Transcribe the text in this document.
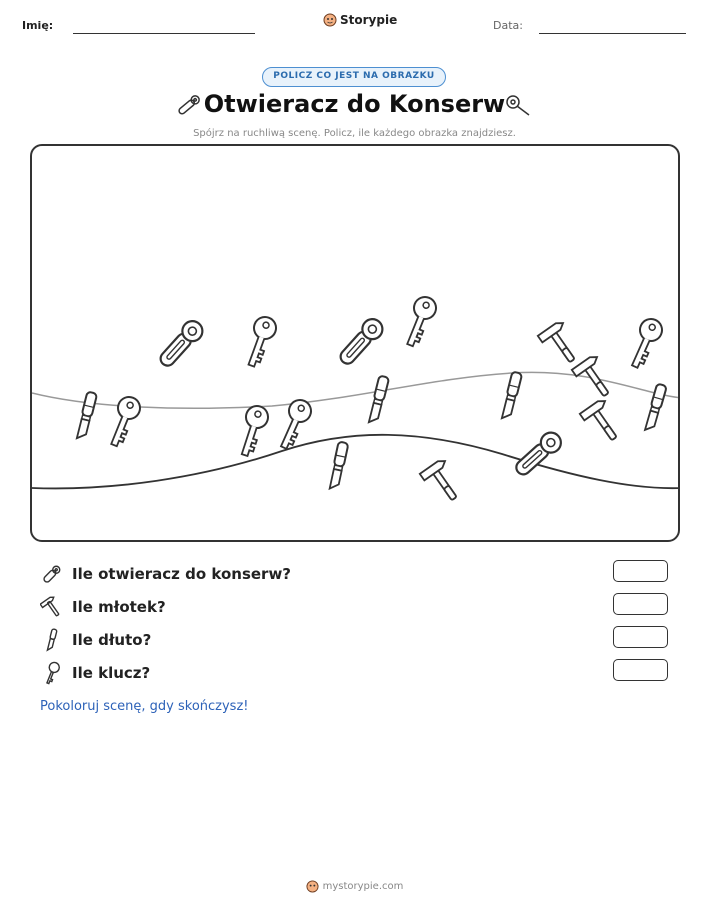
Imię:	Storypie	Data:
POLICZ CO JEST NA OBRAZKU
Otwieracz do Konserw
Spójrz na ruchliwą scenę. Policz, ile każdego obrazka znajdziesz.
Ile otwieracz do konserw?
Ile młotek?
Ile dłuto?
Ile klucz?
Pokoloruj scenę, gdy skończysz!
mystorypie.com
